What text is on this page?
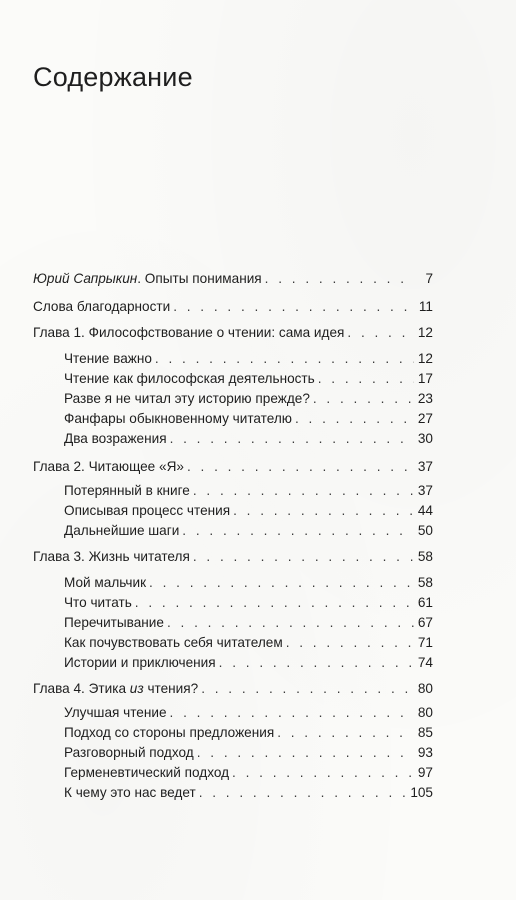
Содержание
Юрий Сапрыкин. Опыты понимания . . .	7
Слова благодарности . . .	11
Глава 1. Философствование о чтении: сама идея . . .	12
Чтение важно . . .	12
Чтение как философская деятельность . . .	17
Разве я не читал эту историю прежде? . . .	23
Фанфары обыкновенному читателю . . .	27
Два возражения . . .	30
Глава 2. Читающее «Я» . . .	37
Потерянный в книге . . .	37
Описывая процесс чтения . . .	44
Дальнейшие шаги . . .	50
Глава 3. Жизнь читателя . . .	58
Мой мальчик . . .	58
Что читать . . .	61
Перечитывание . . .	67
Как почувствовать себя читателем . . .	71
Истории и приключения . . .	74
Глава 4. Этика из чтения? . . .	80
Улучшая чтение . . .	80
Подход со стороны предложения . . .	85
Разговорный подход . . .	93
Герменевтический подход . . .	97
К чему это нас ведет . . .	105
